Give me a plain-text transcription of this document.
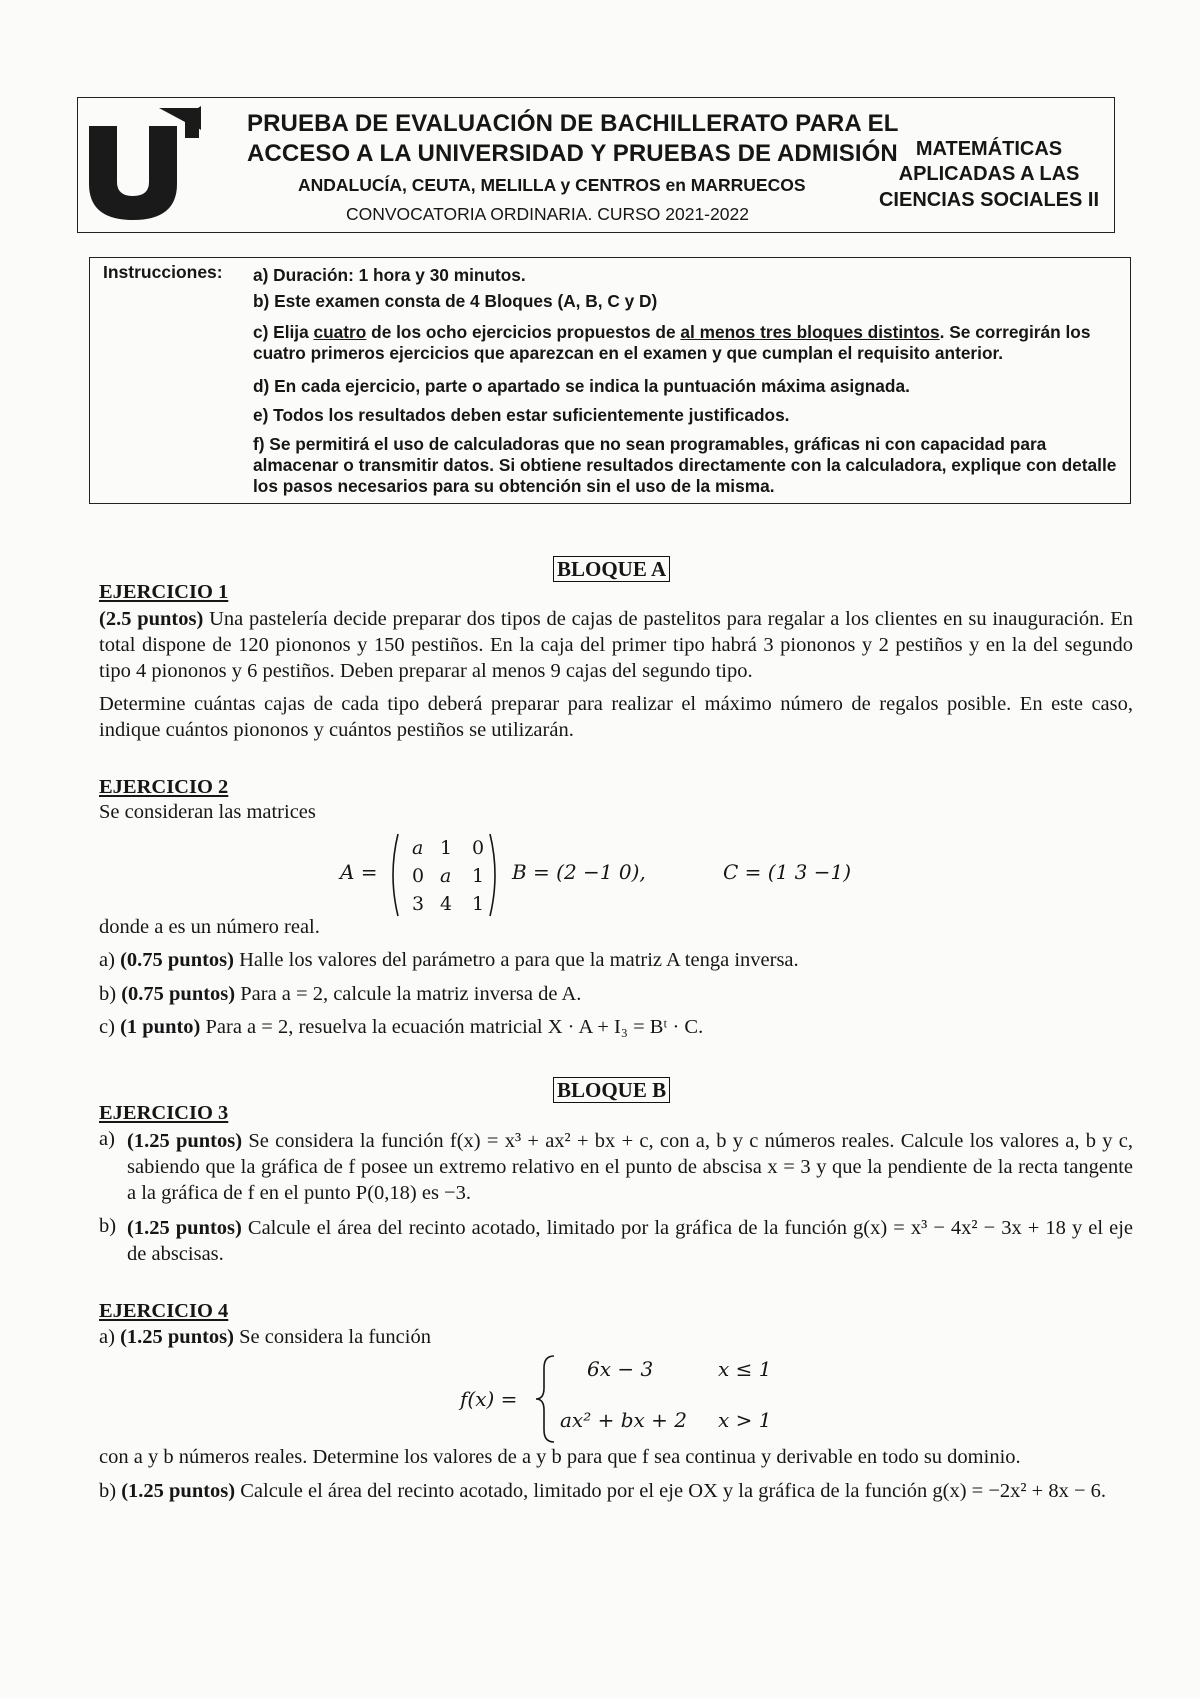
PRUEBA DE EVALUACIÓN DE BACHILLERATO PARA EL
ACCESO A LA UNIVERSIDAD Y PRUEBAS DE ADMISIÓN
ANDALUCÍA, CEUTA, MELILLA y CENTROS en MARRUECOS
CONVOCATORIA ORDINARIA. CURSO 2021-2022
MATEMÁTICAS
APLICADAS A LAS
CIENCIAS SOCIALES II
Instrucciones: a) Duración: 1 hora y 30 minutos.
b) Este examen consta de 4 Bloques (A, B, C y D)
c) Elija cuatro de los ocho ejercicios propuestos de al menos tres bloques distintos. Se corregirán los cuatro primeros ejercicios que aparezcan en el examen y que cumplan el requisito anterior.
d) En cada ejercicio, parte o apartado se indica la puntuación máxima asignada.
e) Todos los resultados deben estar suficientemente justificados.
f) Se permitirá el uso de calculadoras que no sean programables, gráficas ni con capacidad para almacenar o transmitir datos. Si obtiene resultados directamente con la calculadora, explique con detalle los pasos necesarios para su obtención sin el uso de la misma.
BLOQUE A
EJERCICIO 1
(2.5 puntos) Una pastelería decide preparar dos tipos de cajas de pastelitos para regalar a los clientes en su inauguración. En total dispone de 120 piononos y 150 pestiños. En la caja del primer tipo habrá 3 piononos y 2 pestiños y en la del segundo tipo 4 piononos y 6 pestiños. Deben preparar al menos 9 cajas del segundo tipo.
Determine cuántas cajas de cada tipo deberá preparar para realizar el máximo número de regalos posible. En este caso, indique cuántos piononos y cuántos pestiños se utilizarán.
EJERCICIO 2
Se consideran las matrices
A =
a 1 0
0 a 1
3 4 1
B = (2 −1 0),	C = (1 3 −1)
donde a es un número real.
a) (0.75 puntos) Halle los valores del parámetro a para que la matriz A tenga inversa.
b) (0.75 puntos) Para a = 2, calcule la matriz inversa de A.
c) (1 punto) Para a = 2, resuelva la ecuación matricial X · A + I₃ = Bᵗ · C.
BLOQUE B
EJERCICIO 3
a) (1.25 puntos) Se considera la función f(x) = x³ + ax² + bx + c, con a, b y c números reales. Calcule los valores a, b y c, sabiendo que la gráfica de f posee un extremo relativo en el punto de abscisa x = 3 y que la pendiente de la recta tangente a la gráfica de f en el punto P(0,18) es −3.
b) (1.25 puntos) Calcule el área del recinto acotado, limitado por la gráfica de la función g(x) = x³ − 4x² − 3x + 18 y el eje de abscisas.
EJERCICIO 4
a) (1.25 puntos) Se considera la función
f(x) =
6x − 3	x ≤ 1
ax² + bx + 2 x > 1
con a y b números reales. Determine los valores de a y b para que f sea continua y derivable en todo su dominio.
b) (1.25 puntos) Calcule el área del recinto acotado, limitado por el eje OX y la gráfica de la función g(x) = −2x² + 8x − 6.
